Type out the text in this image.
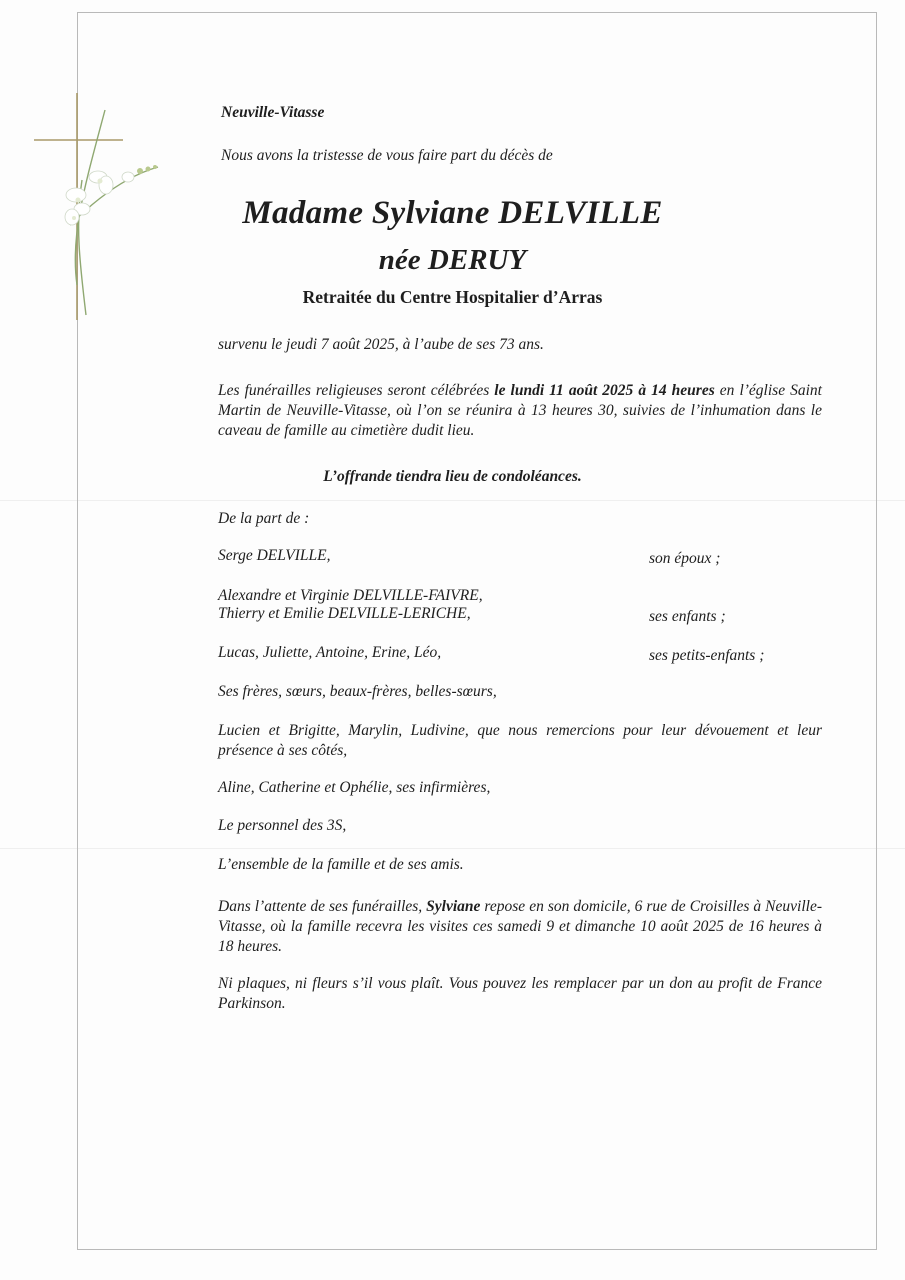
Neuville-Vitasse
Nous avons la tristesse de vous faire part du décès de
Madame Sylviane DELVILLE
née DERUY
Retraitée du Centre Hospitalier d’Arras
survenu le jeudi 7 août 2025, à l’aube de ses 73 ans.
Les funérailles religieuses seront célébrées le lundi 11 août 2025 à 14 heures en l’église Saint Martin de Neuville-Vitasse, où l’on se réunira à 13 heures 30, suivies de l’inhumation dans le caveau de famille au cimetière dudit lieu.
L’offrande tiendra lieu de condoléances.
De la part de :
Serge DELVILLE,	son époux ;
Alexandre et Virginie DELVILLE-FAIVRE,
Thierry et Emilie DELVILLE-LERICHE,	ses enfants ;
Lucas, Juliette, Antoine, Erine, Léo,	ses petits-enfants ;
Ses frères, sœurs, beaux-frères, belles-sœurs,
Lucien et Brigitte, Marylin, Ludivine, que nous remercions pour leur dévouement et leur présence à ses côtés,
Aline, Catherine et Ophélie, ses infirmières,
Le personnel des 3S,
L’ensemble de la famille et de ses amis.
Dans l’attente de ses funérailles, Sylviane repose en son domicile, 6 rue de Croisilles à Neuville-Vitasse, où la famille recevra les visites ces samedi 9 et dimanche 10 août 2025 de 16 heures à 18 heures.
Ni plaques, ni fleurs s’il vous plaît. Vous pouvez les remplacer par un don au profit de France Parkinson.
